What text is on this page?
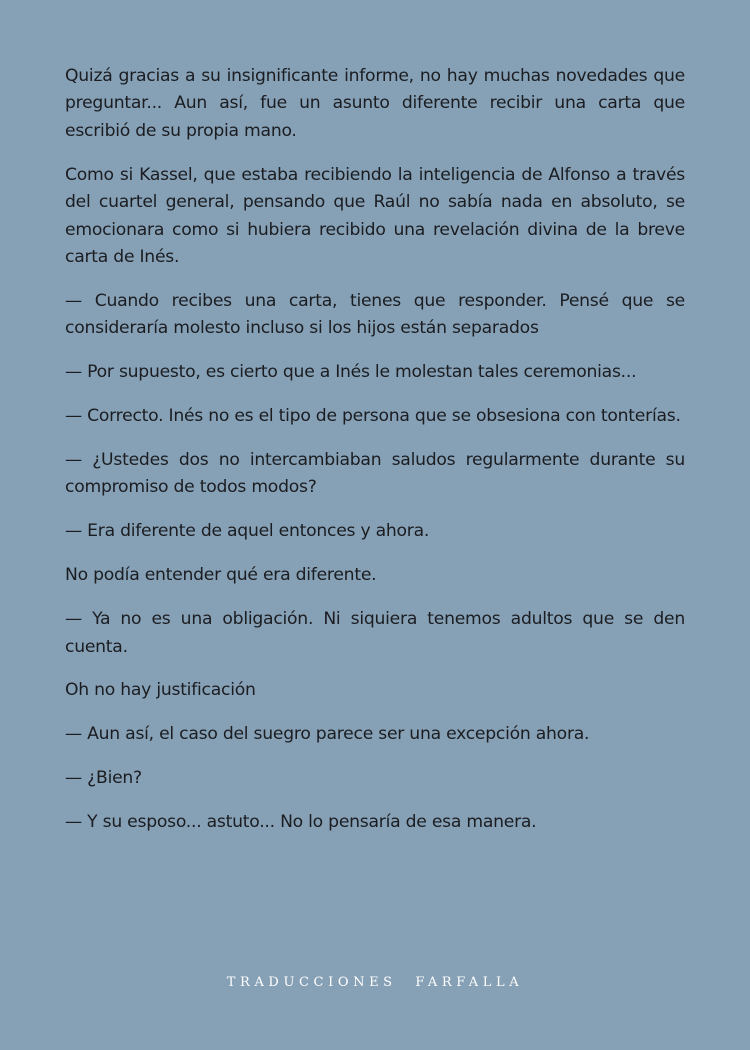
Quizá gracias a su insignificante informe, no hay muchas novedades que preguntar... Aun así, fue un asunto diferente recibir una carta que escribió de su propia mano.

Como si Kassel, que estaba recibiendo la inteligencia de Alfonso a través del cuartel general, pensando que Raúl no sabía nada en absoluto, se emocionara como si hubiera recibido una revelación divina de la breve carta de Inés.

— Cuando recibes una carta, tienes que responder. Pensé que se consideraría molesto incluso si los hijos están separados

— Por supuesto, es cierto que a Inés le molestan tales ceremonias...

— Correcto. Inés no es el tipo de persona que se obsesiona con tonterías.

— ¿Ustedes dos no intercambiaban saludos regularmente durante su compromiso de todos modos?

— Era diferente de aquel entonces y ahora.

No podía entender qué era diferente.

— Ya no es una obligación. Ni siquiera tenemos adultos que se den cuenta.

Oh no hay justificación

— Aun así, el caso del suegro parece ser una excepción ahora.

— ¿Bien?

— Y su esposo... astuto... No lo pensaría de esa manera.

TRADUCCIONES FARFALLA
